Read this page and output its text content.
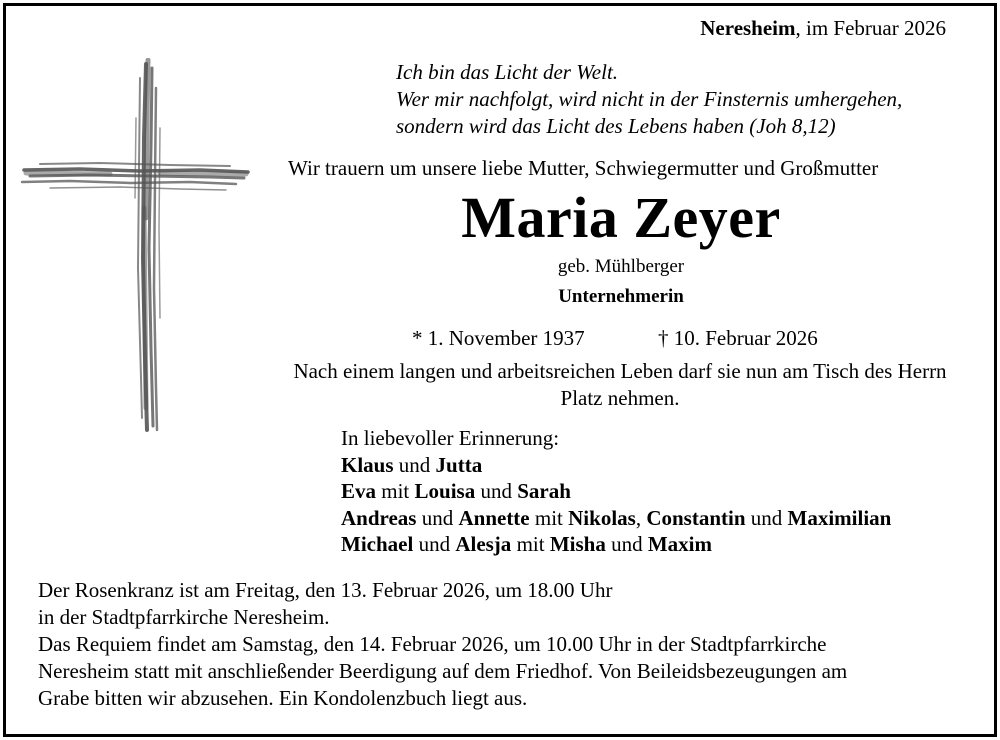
Neresheim, im Februar 2026
Ich bin das Licht der Welt.
Wer mir nachfolgt, wird nicht in der Finsternis umhergehen,
sondern wird das Licht des Lebens haben (Joh 8,12)
Wir trauern um unsere liebe Mutter, Schwiegermutter und Großmutter
Maria Zeyer
geb. Mühlberger
Unternehmerin
* 1. November 1937	† 10. Februar 2026
Nach einem langen und arbeitsreichen Leben darf sie nun am Tisch des Herrn Platz nehmen.
In liebevoller Erinnerung:
Klaus und Jutta
Eva mit Louisa und Sarah
Andreas und Annette mit Nikolas, Constantin und Maximilian
Michael und Alesja mit Misha und Maxim
Der Rosenkranz ist am Freitag, den 13. Februar 2026, um 18.00 Uhr
in der Stadtpfarrkirche Neresheim.
Das Requiem findet am Samstag, den 14. Februar 2026, um 10.00 Uhr in der Stadtpfarrkirche
Neresheim statt mit anschließender Beerdigung auf dem Friedhof. Von Beileidsbezeugungen am
Grabe bitten wir abzusehen. Ein Kondolenzbuch liegt aus.
